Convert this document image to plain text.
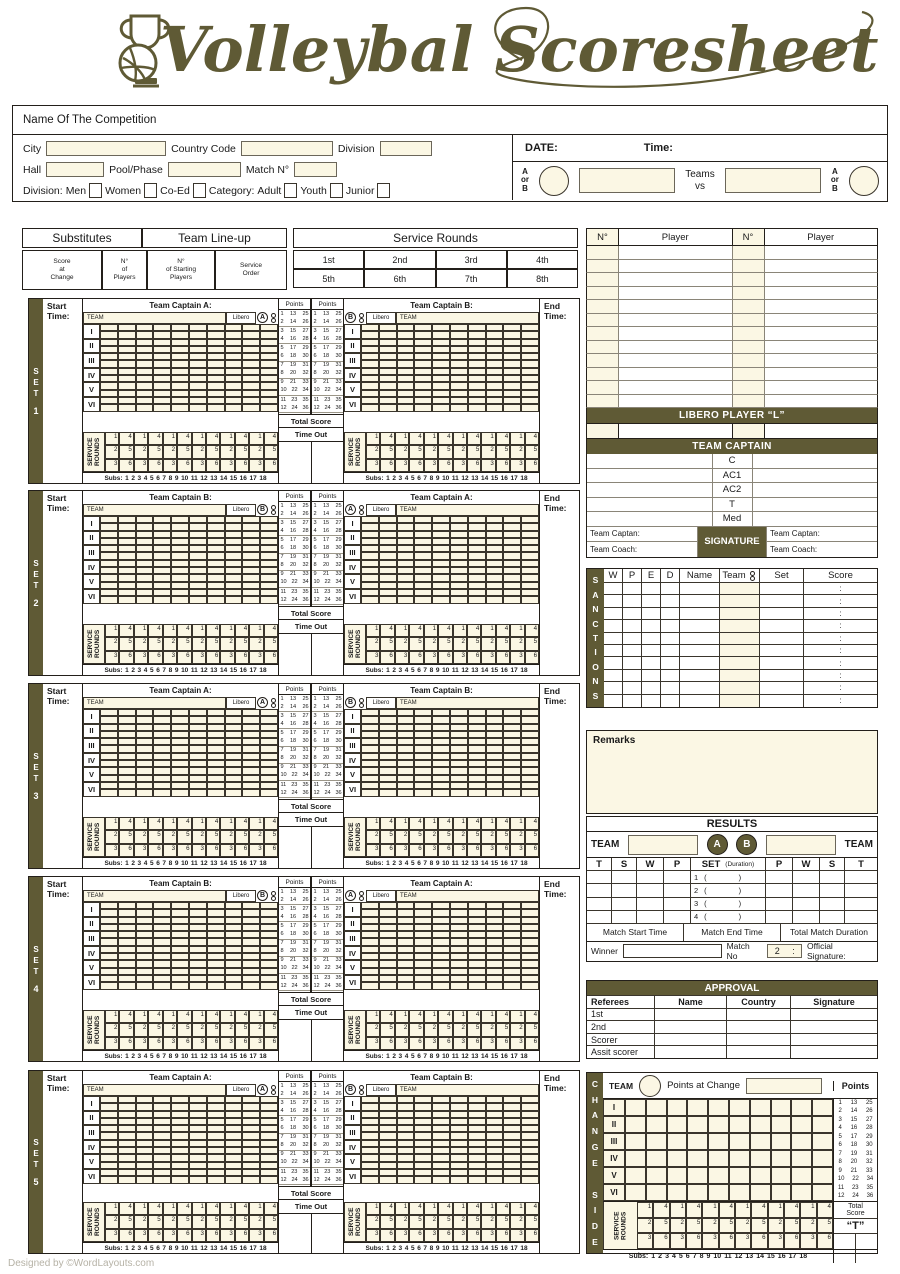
Volleybal Scoresheet
Name Of The Competition
City	Country Code	Division
Hall	Pool/Phase	Match N°
Division: Men Women Co-Ed Category: Adult Youth Junior
DATE:	Time:
A
or
B
Teams
vs
A
or
B
Substitutes	Team Line-up
Score
at
Change
N°
of
Players
N°
of Starting
Players
Service
Order
Service Rounds
1st	2nd	3rd	4th
5th	6th	7th	8th
N°	Player	N°	Player
LIBERO PLAYER “L”
TEAM CAPTAIN
C
AC1
AC2
T
Med
Team Captan:
Team Coach:
SIGNATURE
Team Captan:
Team Coach:
S
A
N
C
T
I
O
N
S
W	P	E	D	Name	Team	Set	Score
:
:
:
:
:
:
:
:
:
:
Remarks
RESULTS
TEAM	A	B	TEAM
T	S	W	P	SET (Duration)	P	W	S	T
1 (	)
2 (	)
3 (	)
4 (	)
Match Start Time	Match End Time	Total Match Duration
Winner	Match No	2 : Official Signature:
APPROVAL
Referees	Name	Country	Signature
1st
2nd
Scorer
Assit scorer
C
H
A
N
G
E

S
I
D
E
TEAM	Points at Change	Points
I
II
III
IV
V
VI
1 13 25
2 14 26
3 15 27
4 16 28
5 17 29
6 18 30
7 19 31
8 20 32
9 21 33
10 22 34
11 23 35
12 24 36
SERVICE ROUNDS
1	4	1	4	1	4	1	4	1	4	1	4
2	5	2	5	2	5	2	5	2	5	2	5
3	6	3	6	3	6	3	6	3	6	3	6
Total
Score
“T”
Subs: 1 2 3 4 5 6 7 8 9 10 11 12 13 14 15 16 17 18
S
E
T
1
Start
Time:
Team Captain A:
TEAM	Libero	A
I
II
III
IV
V
VI
SERVICE ROUNDS
1	4	1	4	1	4	1	4	1	4	1	4
2	5	2	5	2	5	2	5	2	5	2	5
3	6	3	6	3	6	3	6	3	6	3	6
Subs: 1 2 3 4 5 6 7 8 9 10 11 12 13 14 15 16 17 18
Points
1 13 25
2 14 26
3 15 27
4 16 28
5 17 29
6 18 30
7 19 31
8 20 32
9 21 33
10 22 34
11 23 35
12 24 36
Points
1 13 25
2 14 26
3 15 27
4 16 28
5 17 29
6 18 30
7 19 31
8 20 32
9 21 33
10 22 34
11 23 35
12 24 36
Total Score
Time Out
Team Captain B:
B	Libero	TEAM
I
II
III
IV
V
VI
SERVICE ROUNDS
1	4	1	4	1	4	1	4	1	4	1	4
2	5	2	5	2	5	2	5	2	5	2	5
3	6	3	6	3	6	3	6	3	6	3	6
Subs: 1 2 3 4 5 6 7 8 9 10 11 12 13 14 15 16 17 18
End
Time:
S
E
T
2
Start
Time:
Team Captain B:
TEAM	Libero	B
I
II
III
IV
V
VI
SERVICE ROUNDS
1	4	1	4	1	4	1	4	1	4	1	4
2	5	2	5	2	5	2	5	2	5	2	5
3	6	3	6	3	6	3	6	3	6	3	6
Subs: 1 2 3 4 5 6 7 8 9 10 11 12 13 14 15 16 17 18
Points
1 13 25
2 14 26
3 15 27
4 16 28
5 17 29
6 18 30
7 19 31
8 20 32
9 21 33
10 22 34
11 23 35
12 24 36
Points
1 13 25
2 14 26
3 15 27
4 16 28
5 17 29
6 18 30
7 19 31
8 20 32
9 21 33
10 22 34
11 23 35
12 24 36
Total Score
Time Out
Team Captain A:
A	Libero	TEAM
I
II
III
IV
V
VI
SERVICE ROUNDS
1	4	1	4	1	4	1	4	1	4	1	4
2	5	2	5	2	5	2	5	2	5	2	5
3	6	3	6	3	6	3	6	3	6	3	6
Subs: 1 2 3 4 5 6 7 8 9 10 11 12 13 14 15 16 17 18
End
Time:
S
E
T
3
Start
Time:
Team Captain A:
TEAM	Libero	A
I
II
III
IV
V
VI
SERVICE ROUNDS
1	4	1	4	1	4	1	4	1	4	1	4
2	5	2	5	2	5	2	5	2	5	2	5
3	6	3	6	3	6	3	6	3	6	3	6
Subs: 1 2 3 4 5 6 7 8 9 10 11 12 13 14 15 16 17 18
Points
1 13 25
2 14 26
3 15 27
4 16 28
5 17 29
6 18 30
7 19 31
8 20 32
9 21 33
10 22 34
11 23 35
12 24 36
Points
1 13 25
2 14 26
3 15 27
4 16 28
5 17 29
6 18 30
7 19 31
8 20 32
9 21 33
10 22 34
11 23 35
12 24 36
Total Score
Time Out
Team Captain B:
B	Libero	TEAM
I
II
III
IV
V
VI
SERVICE ROUNDS
1	4	1	4	1	4	1	4	1	4	1	4
2	5	2	5	2	5	2	5	2	5	2	5
3	6	3	6	3	6	3	6	3	6	3	6
Subs: 1 2 3 4 5 6 7 8 9 10 11 12 13 14 15 16 17 18
End
Time:
S
E
T
4
Start
Time:
Team Captain B:
TEAM	Libero	B
I
II
III
IV
V
VI
SERVICE ROUNDS
1	4	1	4	1	4	1	4	1	4	1	4
2	5	2	5	2	5	2	5	2	5	2	5
3	6	3	6	3	6	3	6	3	6	3	6
Subs: 1 2 3 4 5 6 7 8 9 10 11 12 13 14 15 16 17 18
Points
1 13 25
2 14 26
3 15 27
4 16 28
5 17 29
6 18 30
7 19 31
8 20 32
9 21 33
10 22 34
11 23 35
12 24 36
Points
1 13 25
2 14 26
3 15 27
4 16 28
5 17 29
6 18 30
7 19 31
8 20 32
9 21 33
10 22 34
11 23 35
12 24 36
Total Score
Time Out
Team Captain A:
A	Libero	TEAM
I
II
III
IV
V
VI
SERVICE ROUNDS
1	4	1	4	1	4	1	4	1	4	1	4
2	5	2	5	2	5	2	5	2	5	2	5
3	6	3	6	3	6	3	6	3	6	3	6
Subs: 1 2 3 4 5 6 7 8 9 10 11 12 13 14 15 16 17 18
End
Time:
S
E
T
5
Start
Time:
Team Captain A:
TEAM	Libero	A
I
II
III
IV
V
VI
SERVICE ROUNDS
1	4	1	4	1	4	1	4	1	4	1	4
2	5	2	5	2	5	2	5	2	5	2	5
3	6	3	6	3	6	3	6	3	6	3	6
Subs: 1 2 3 4 5 6 7 8 9 10 11 12 13 14 15 16 17 18
Points
1 13 25
2 14 26
3 15 27
4 16 28
5 17 29
6 18 30
7 19 31
8 20 32
9 21 33
10 22 34
11 23 35
12 24 36
Points
1 13 25
2 14 26
3 15 27
4 16 28
5 17 29
6 18 30
7 19 31
8 20 32
9 21 33
10 22 34
11 23 35
12 24 36
Total Score
Time Out
Team Captain B:
B	Libero	TEAM
I
II
III
IV
V
VI
SERVICE ROUNDS
1	4	1	4	1	4	1	4	1	4	1	4
2	5	2	5	2	5	2	5	2	5	2	5
3	6	3	6	3	6	3	6	3	6	3	6
Subs: 1 2 3 4 5 6 7 8 9 10 11 12 13 14 15 16 17 18
End
Time:
Designed by ©WordLayouts.com
